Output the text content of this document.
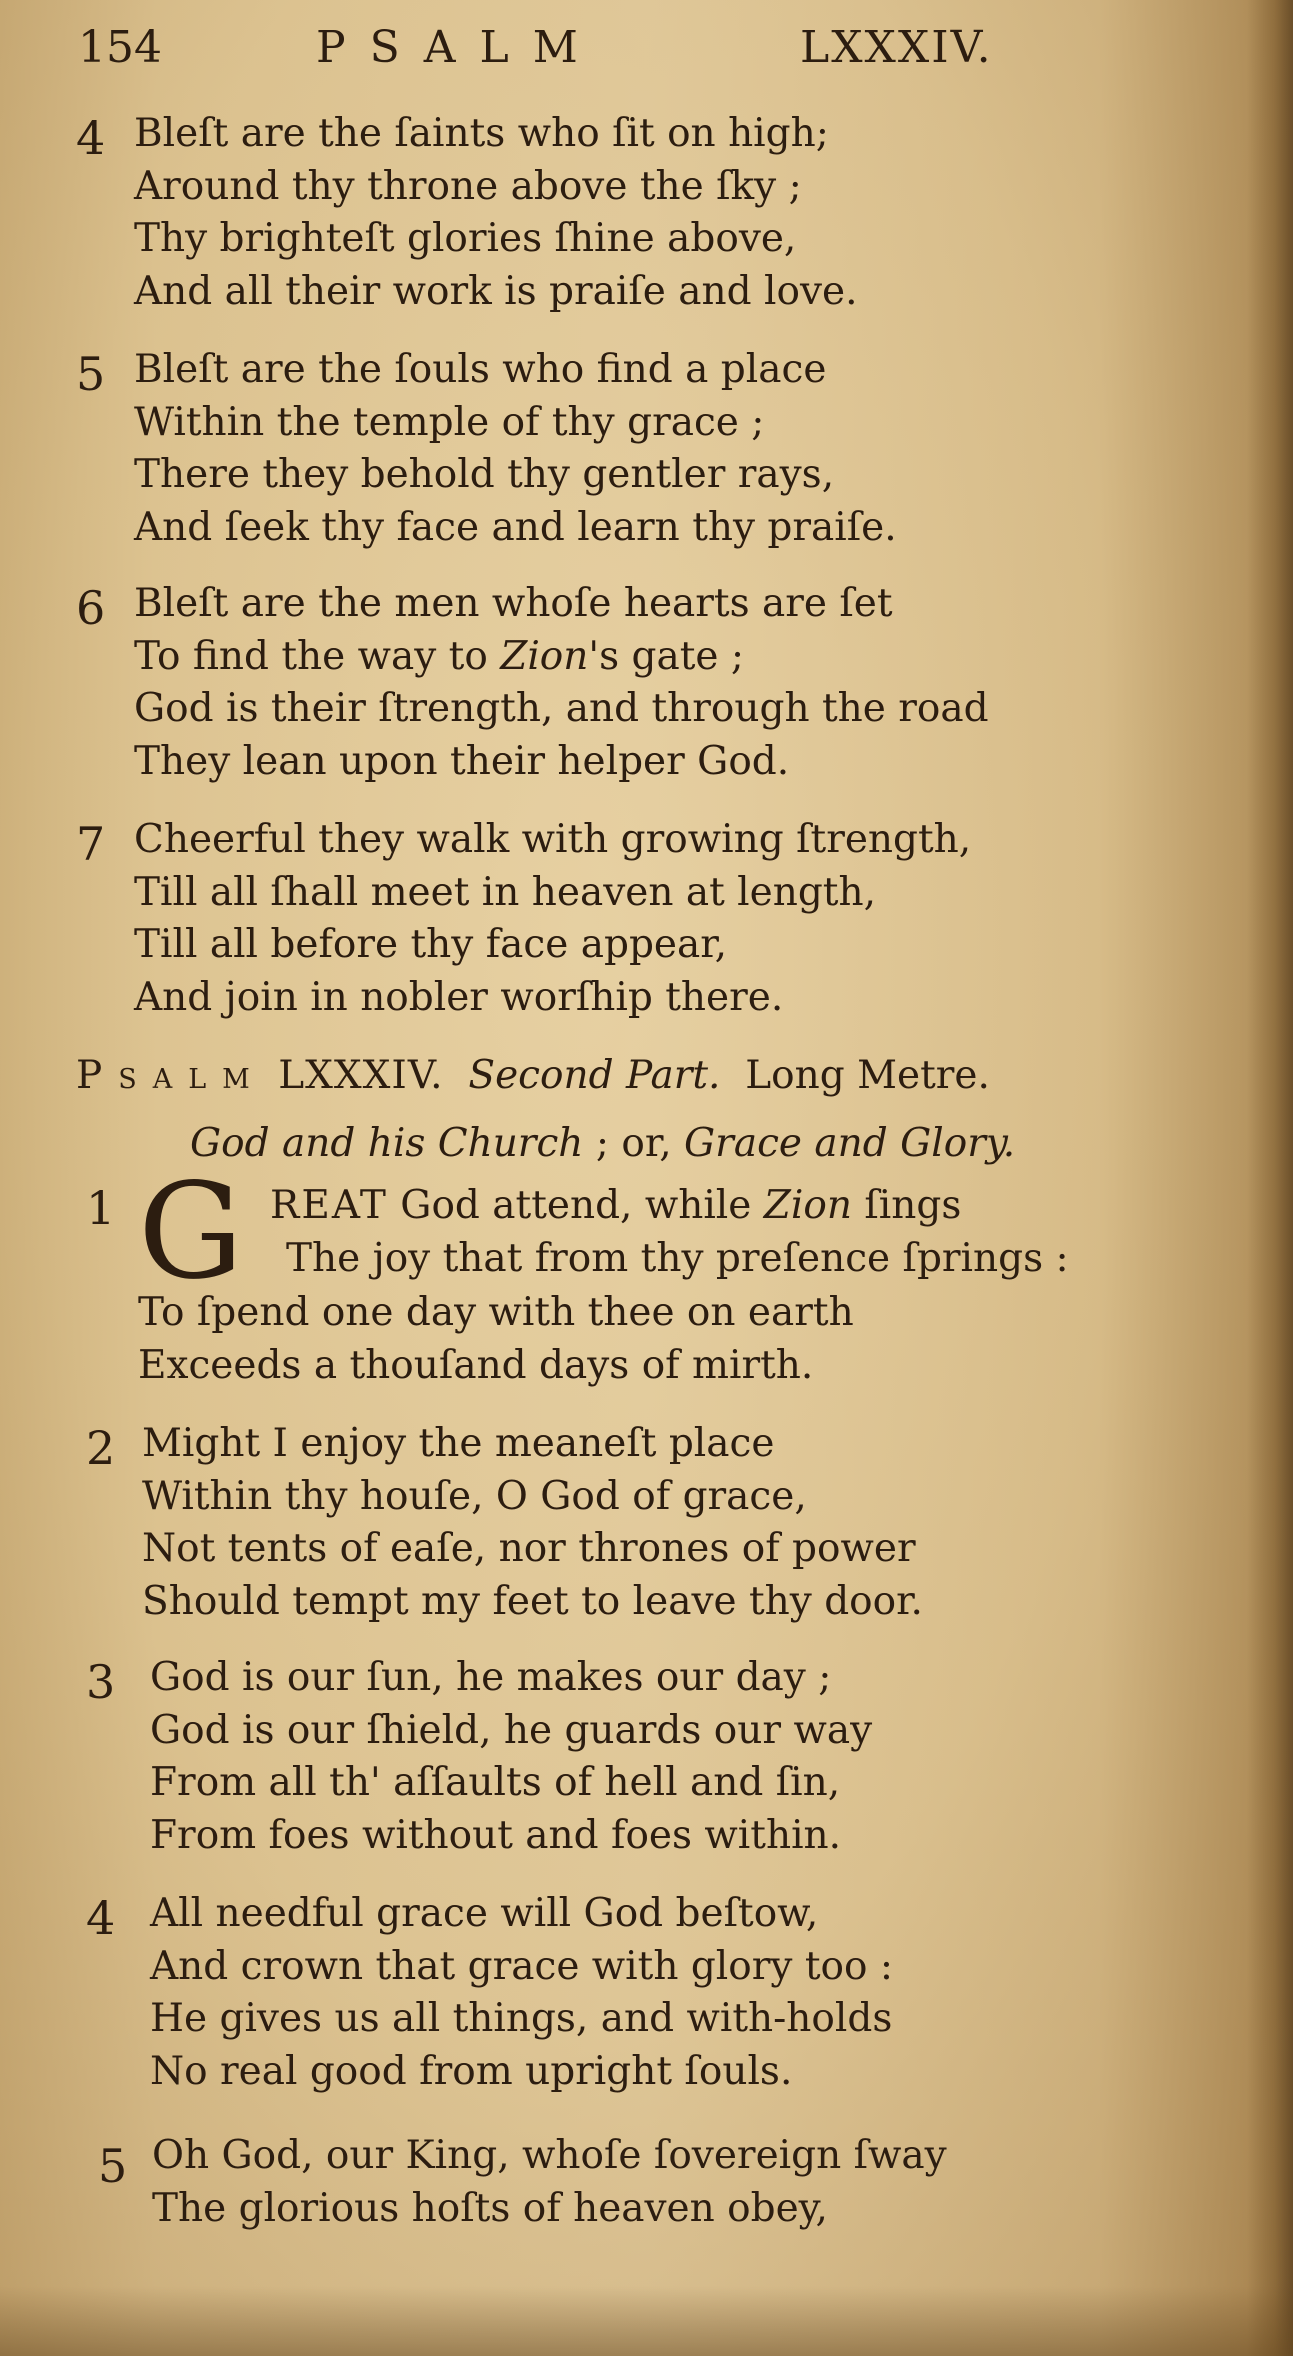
154	PSALM	LXXXIV.
4 Bleſt are the ſaints who ſit on high;
Around thy throne above the ſky ;
Thy brighteſt glories ſhine above,
And all their work is praiſe and love.
5 Bleſt are the ſouls who find a place
Within the temple of thy grace ;
There they behold thy gentler rays,
And ſeek thy face and learn thy praiſe.
6 Bleſt are the men whoſe hearts are ſet
To find the way to Zion's gate ;
God is their ſtrength, and through the road
They lean upon their helper God.
7 Cheerful they walk with growing ſtrength,
Till all ſhall meet in heaven at length,
Till all before thy face appear,
And join in nobler worſhip there.
Psalm LXXXIV. Second Part. Long Metre.
God and his Church ; or, Grace and Glory.
1 G REAT God attend, while Zion ſings
The joy that from thy preſence ſprings :
To ſpend one day with thee on earth
Exceeds a thouſand days of mirth.
2 Might I enjoy the meaneſt place
Within thy houſe, O God of grace,
Not tents of eaſe, nor thrones of power
Should tempt my feet to leave thy door.
3 God is our ſun, he makes our day ;
God is our ſhield, he guards our way
From all th' aſſaults of hell and ſin,
From foes without and foes within.
4 All needful grace will God beſtow,
And crown that grace with glory too :
He gives us all things, and with-holds
No real good from upright ſouls.
5 Oh God, our King, whoſe ſovereign ſway
The glorious hoſts of heaven obey,
